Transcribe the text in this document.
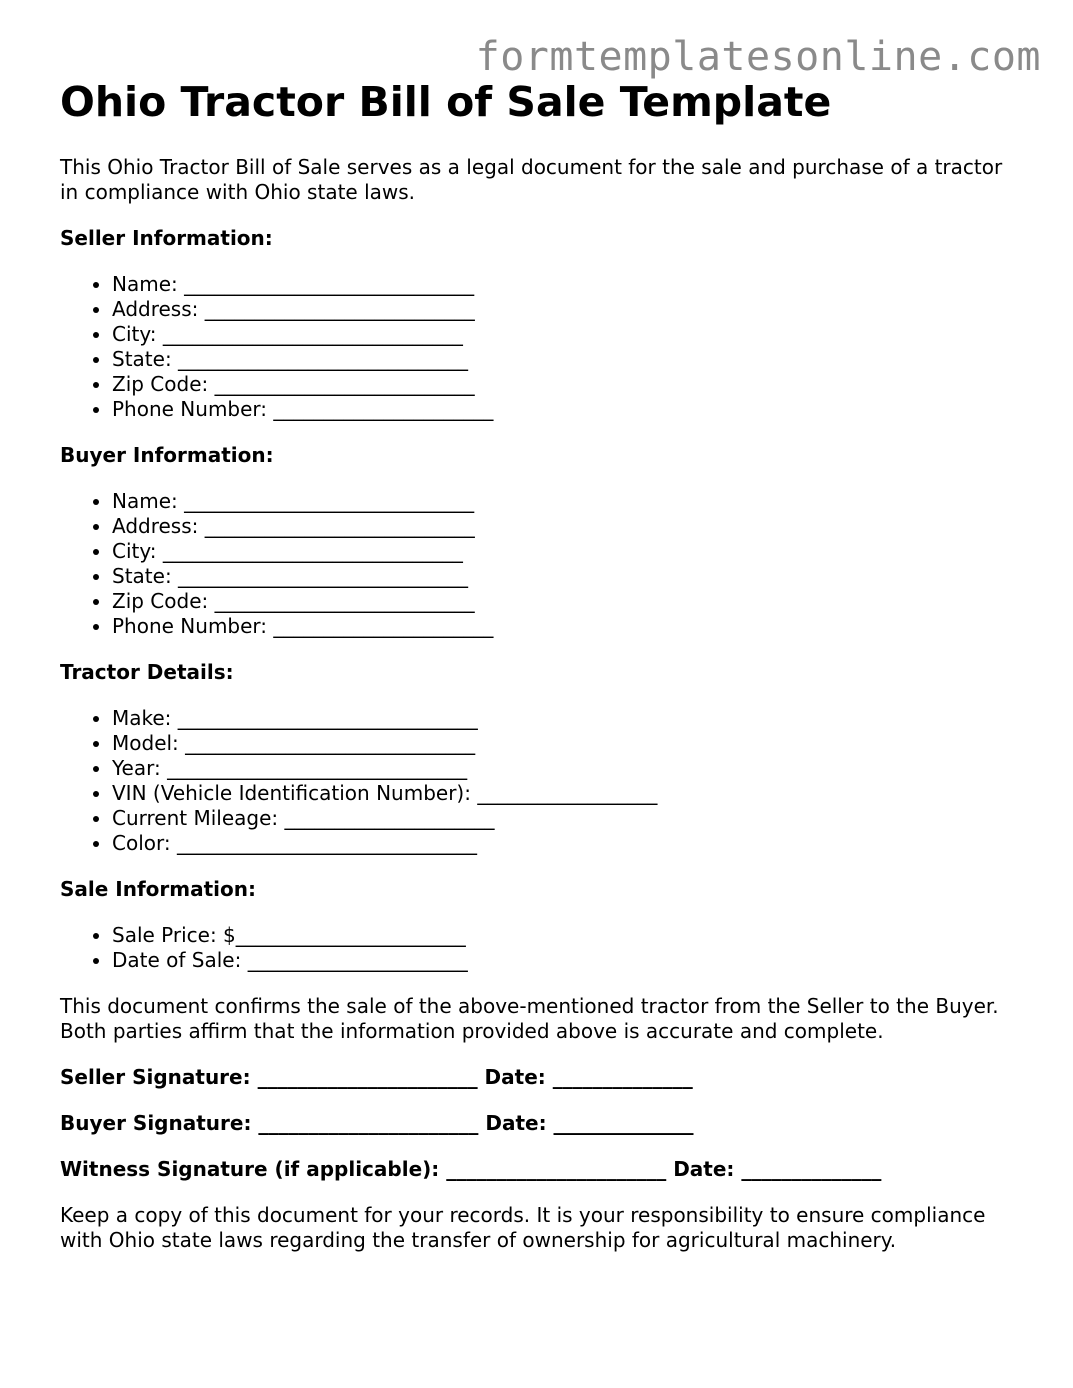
formtemplatesonline.com
Ohio Tractor Bill of Sale Template

This Ohio Tractor Bill of Sale serves as a legal document for the sale and purchase of a tractor in compliance with Ohio state laws.

Seller Information:
• Name: _____________________________
• Address: ___________________________
• City: ______________________________
• State: _____________________________
• Zip Code: __________________________
• Phone Number: ______________________
Buyer Information:
• Name: _____________________________
• Address: ___________________________
• City: ______________________________
• State: _____________________________
• Zip Code: __________________________
• Phone Number: ______________________
Tractor Details:
• Make: ______________________________
• Model: _____________________________
• Year: ______________________________
• VIN (Vehicle Identification Number): __________________
• Current Mileage: _____________________
• Color: ______________________________
Sale Information:
• Sale Price: $_______________________
• Date of Sale: ______________________

This document confirms the sale of the above-mentioned tractor from the Seller to the Buyer. Both parties affirm that the information provided above is accurate and complete.

Seller Signature: ______________________ Date: ______________
Buyer Signature: ______________________ Date: ______________
Witness Signature (if applicable): ______________________ Date: ______________

Keep a copy of this document for your records. It is your responsibility to ensure compliance with Ohio state laws regarding the transfer of ownership for agricultural machinery.
